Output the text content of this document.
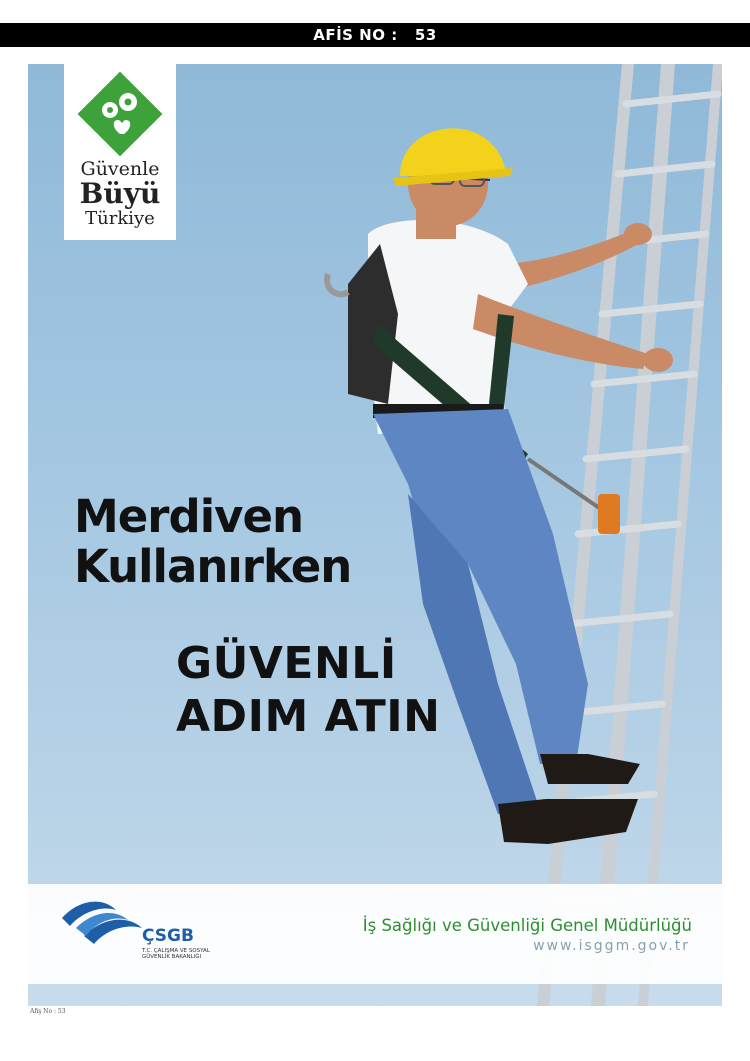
AFİS NO :
53
Güvenle
Büyü
Türkiye
Merdiven
Kullanırken
GÜVENLİ
ADIM ATIN
ÇSGB
T.C. ÇALIŞMA VE SOSYAL GÜVENLİK BAKANLIĞI
İş Sağlığı ve Güvenliği Genel Müdürlüğü
www.isggm.gov.tr
Afiş No : 53
